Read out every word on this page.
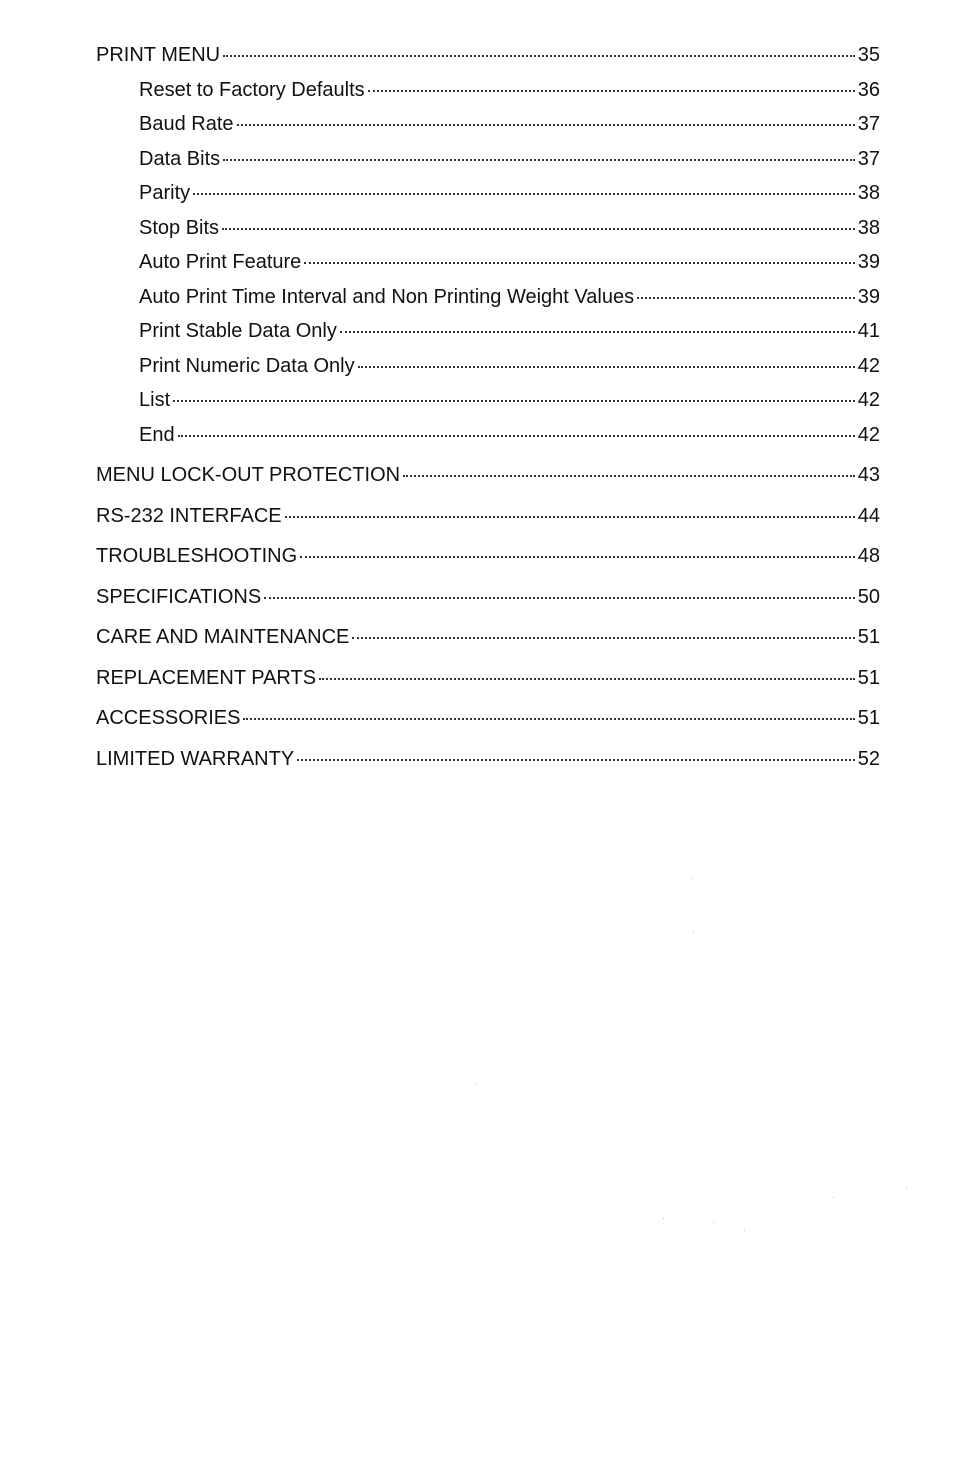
PRINT MENU	35
Reset to Factory Defaults	36
Baud Rate	37
Data Bits	37
Parity	38
Stop Bits	38
Auto Print Feature	39
Auto Print Time Interval and Non Printing Weight Values	39
Print Stable Data Only	41
Print Numeric Data Only	42
List	42
End	42
MENU LOCK-OUT PROTECTION	43
RS-232 INTERFACE	44
TROUBLESHOOTING	48
SPECIFICATIONS	50
CARE AND MAINTENANCE	51
REPLACEMENT PARTS	51
ACCESSORIES	51
LIMITED WARRANTY	52
